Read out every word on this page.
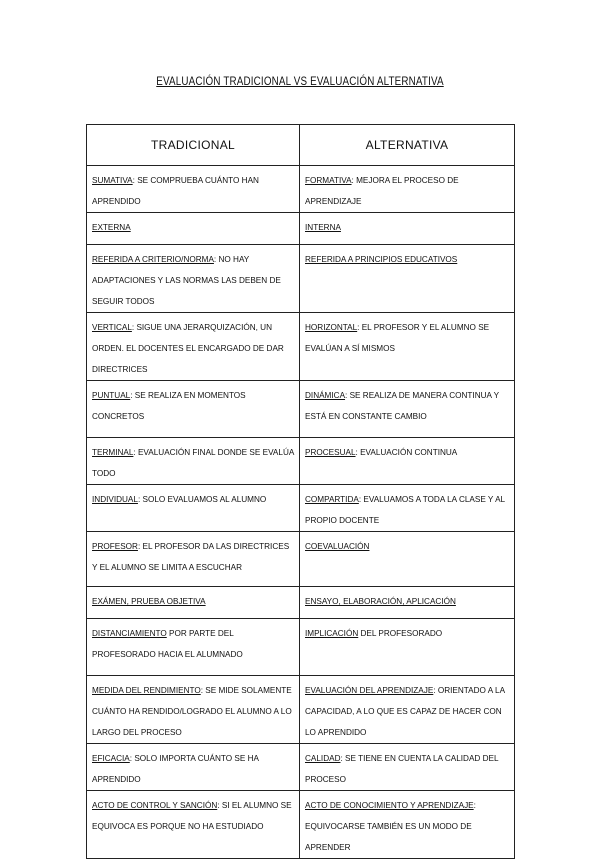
EVALUACIÓN TRADICIONAL VS EVALUACIÓN ALTERNATIVA
TRADICIONAL	ALTERNATIVA

SUMATIVA: SE COMPRUEBA CUÁNTO HAN APRENDIDO	FORMATIVA: MEJORA EL PROCESO DE APRENDIZAJE

EXTERNA	INTERNA

REFERIDA A CRITERIO/NORMA: NO HAY ADAPTACIONES Y LAS NORMAS LAS DEBEN DE SEGUIR TODOS	REFERIDA A PRINCIPIOS EDUCATIVOS

VERTICAL: SIGUE UNA JERARQUIZACIÓN, UN ORDEN. EL DOCENTES EL ENCARGADO DE DAR DIRECTRICES	HORIZONTAL: EL PROFESOR Y EL ALUMNO SE EVALÚAN A SÍ MISMOS

PUNTUAL: SE REALIZA EN MOMENTOS CONCRETOS	DINÁMICA: SE REALIZA DE MANERA CONTINUA Y ESTÁ EN CONSTANTE CAMBIO

TERMINAL: EVALUACIÓN FINAL DONDE SE EVALÚA TODO	PROCESUAL: EVALUACIÓN CONTINUA

INDIVIDUAL: SOLO EVALUAMOS AL ALUMNO	COMPARTIDA: EVALUAMOS A TODA LA CLASE Y AL PROPIO DOCENTE

PROFESOR: EL PROFESOR DA LAS DIRECTRICES Y EL ALUMNO SE LIMITA A ESCUCHAR	COEVALUACIÓN

EXÁMEN, PRUEBA OBJETIVA	ENSAYO, ELABORACIÓN, APLICACIÓN

DISTANCIAMIENTO POR PARTE DEL PROFESORADO HACIA EL ALUMNADO	IMPLICACIÓN DEL PROFESORADO

MEDIDA DEL RENDIMIENTO: SE MIDE SOLAMENTE CUÁNTO HA RENDIDO/LOGRADO EL ALUMNO A LO LARGO DEL PROCESO	EVALUACIÓN DEL APRENDIZAJE: ORIENTADO A LA CAPACIDAD, A LO QUE ES CAPAZ DE HACER CON LO APRENDIDO

EFICACIA: SOLO IMPORTA CUÁNTO SE HA APRENDIDO	CALIDAD: SE TIENE EN CUENTA LA CALIDAD DEL PROCESO

ACTO DE CONTROL Y SANCIÓN: SI EL ALUMNO SE EQUIVOCA ES PORQUE NO HA ESTUDIADO	ACTO DE CONOCIMIENTO Y APRENDIZAJE: EQUIVOCARSE TAMBIÉN ES UN MODO DE APRENDER
